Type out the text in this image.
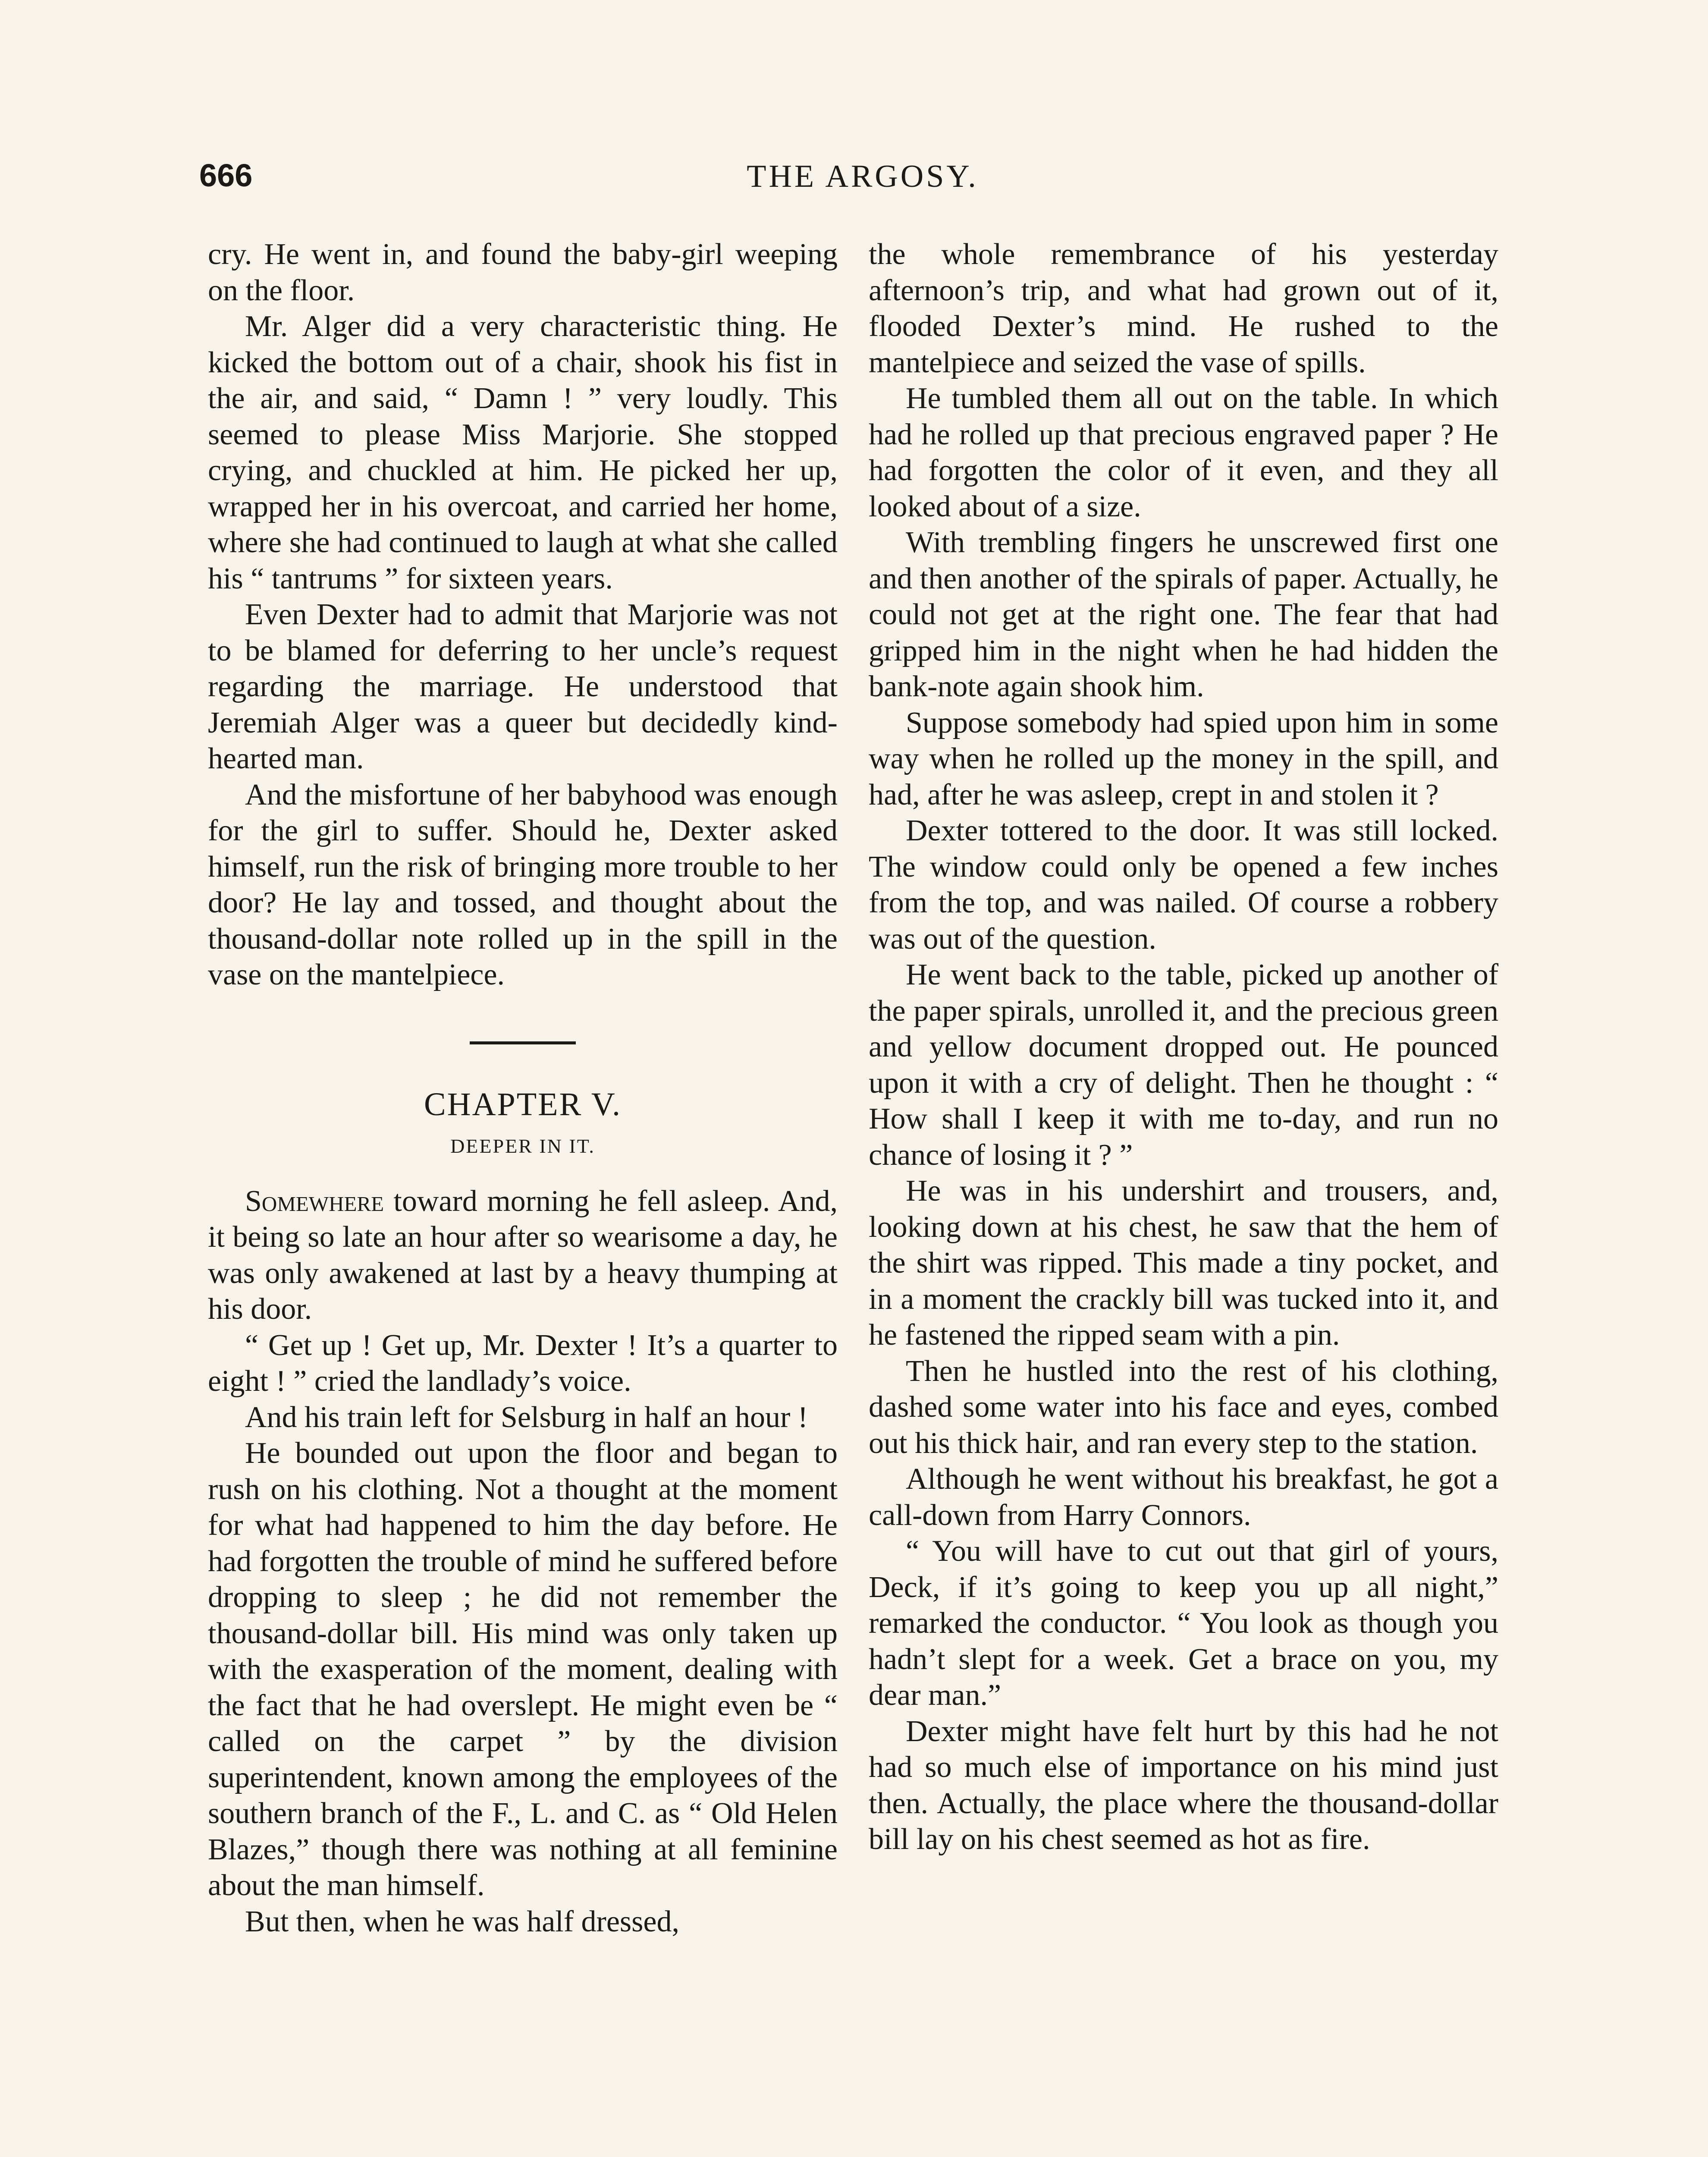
666	THE ARGOSY.

cry. He went in, and found the baby-girl weeping on the floor.

Mr. Alger did a very characteristic thing. He kicked the bottom out of a chair, shook his fist in the air, and said, “ Damn ! ” very loudly. This seemed to please Miss Marjorie. She stopped crying, and chuckled at him. He picked her up, wrapped her in his overcoat, and carried her home, where she had continued to laugh at what she called his “ tantrums ” for sixteen years.

Even Dexter had to admit that Marjorie was not to be blamed for deferring to her uncle’s request regarding the marriage. He understood that Jeremiah Alger was a queer but decidedly kind-hearted man.

And the misfortune of her babyhood was enough for the girl to suffer. Should he, Dexter asked himself, run the risk of bringing more trouble to her door? He lay and tossed, and thought about the thousand-dollar note rolled up in the spill in the vase on the mantelpiece.

CHAPTER V.
DEEPER IN IT.

Somewhere toward morning he fell asleep. And, it being so late an hour after so wearisome a day, he was only awakened at last by a heavy thumping at his door.

“ Get up ! Get up, Mr. Dexter ! It’s a quarter to eight ! ” cried the landlady’s voice.

And his train left for Selsburg in half an hour !

He bounded out upon the floor and began to rush on his clothing. Not a thought at the moment for what had happened to him the day before. He had forgotten the trouble of mind he suffered before dropping to sleep ; he did not remember the thousand-dollar bill. His mind was only taken up with the exasperation of the moment, dealing with the fact that he had overslept. He might even be “ called on the carpet ” by the division superintendent, known among the employees of the southern branch of the F., L. and C. as “ Old Helen Blazes,” though there was nothing at all feminine about the man himself.

But then, when he was half dressed,

the whole remembrance of his yesterday afternoon’s trip, and what had grown out of it, flooded Dexter’s mind. He rushed to the mantelpiece and seized the vase of spills.

He tumbled them all out on the table. In which had he rolled up that precious engraved paper ? He had forgotten the color of it even, and they all looked about of a size.

With trembling fingers he unscrewed first one and then another of the spirals of paper. Actually, he could not get at the right one. The fear that had gripped him in the night when he had hidden the bank-note again shook him.

Suppose somebody had spied upon him in some way when he rolled up the money in the spill, and had, after he was asleep, crept in and stolen it ?

Dexter tottered to the door. It was still locked. The window could only be opened a few inches from the top, and was nailed. Of course a robbery was out of the question.

He went back to the table, picked up another of the paper spirals, unrolled it, and the precious green and yellow document dropped out. He pounced upon it with a cry of delight. Then he thought : “ How shall I keep it with me to-day, and run no chance of losing it ? ”

He was in his undershirt and trousers, and, looking down at his chest, he saw that the hem of the shirt was ripped. This made a tiny pocket, and in a moment the crackly bill was tucked into it, and he fastened the ripped seam with a pin.

Then he hustled into the rest of his clothing, dashed some water into his face and eyes, combed out his thick hair, and ran every step to the station.

Although he went without his breakfast, he got a call-down from Harry Connors.

“ You will have to cut out that girl of yours, Deck, if it’s going to keep you up all night,” remarked the conductor. “ You look as though you hadn’t slept for a week. Get a brace on you, my dear man.”

Dexter might have felt hurt by this had he not had so much else of importance on his mind just then. Actually, the place where the thousand-dollar bill lay on his chest seemed as hot as fire.
